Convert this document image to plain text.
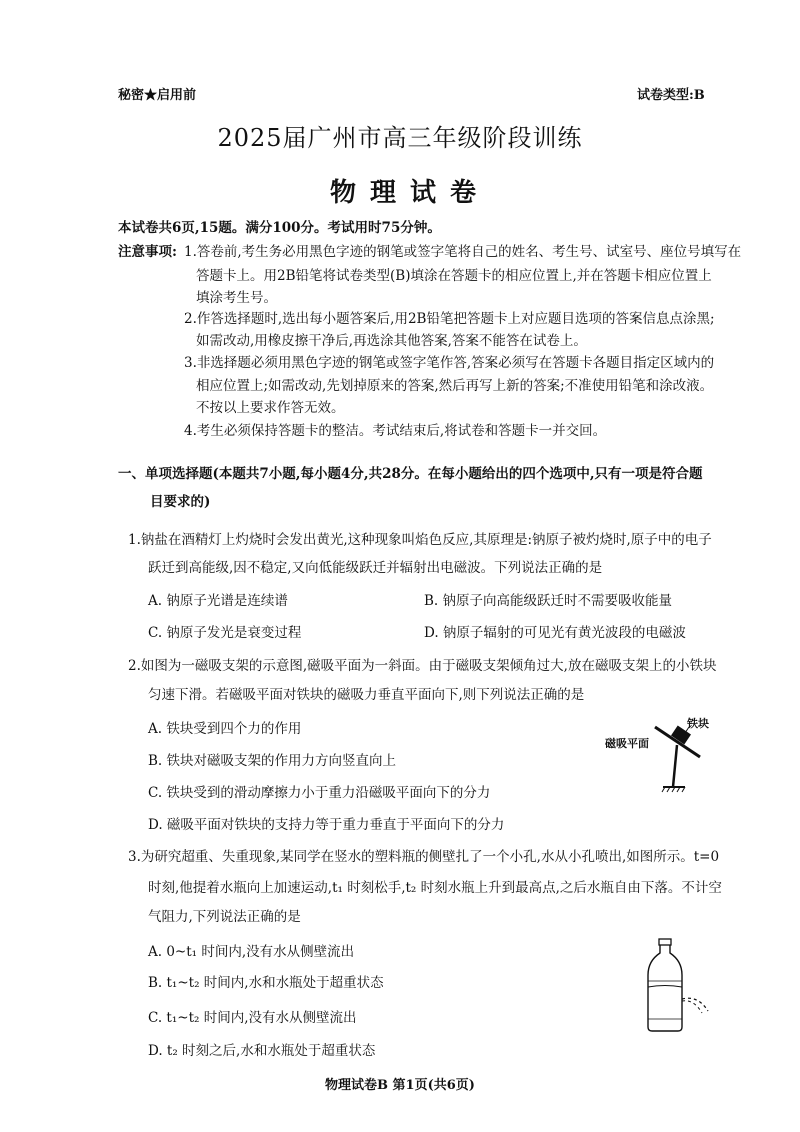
秘密★启用前	试卷类型:B
2025届广州市高三年级阶段训练
物理试卷
本试卷共6页,15题。满分100分。考试用时75分钟。
注意事项: 1.答卷前,考生务必用黑色字迹的钢笔或签字笔将自己的姓名、考生号、试室号、座位号填写在
答题卡上。用2B铅笔将试卷类型(B)填涂在答题卡的相应位置上,并在答题卡相应位置上
填涂考生号。
2.作答选择题时,选出每小题答案后,用2B铅笔把答题卡上对应题目选项的答案信息点涂黑;
如需改动,用橡皮擦干净后,再选涂其他答案,答案不能答在试卷上。
3.非选择题必须用黑色字迹的钢笔或签字笔作答,答案必须写在答题卡各题目指定区域内的
相应位置上;如需改动,先划掉原来的答案,然后再写上新的答案;不准使用铅笔和涂改液。
不按以上要求作答无效。
4.考生必须保持答题卡的整洁。考试结束后,将试卷和答题卡一并交回。
一、单项选择题(本题共7小题,每小题4分,共28分。在每小题给出的四个选项中,只有一项是符合题
目要求的)
1.钠盐在酒精灯上灼烧时会发出黄光,这种现象叫焰色反应,其原理是:钠原子被灼烧时,原子中的电子
跃迁到高能级,因不稳定,又向低能级跃迁并辐射出电磁波。下列说法正确的是
A. 钠原子光谱是连续谱	B. 钠原子向高能级跃迁时不需要吸收能量
C. 钠原子发光是衰变过程	D. 钠原子辐射的可见光有黄光波段的电磁波
2.如图为一磁吸支架的示意图,磁吸平面为一斜面。由于磁吸支架倾角过大,放在磁吸支架上的小铁块
匀速下滑。若磁吸平面对铁块的磁吸力垂直平面向下,则下列说法正确的是
A. 铁块受到四个力的作用
B. 铁块对磁吸支架的作用力方向竖直向上
C. 铁块受到的滑动摩擦力小于重力沿磁吸平面向下的分力
D. 磁吸平面对铁块的支持力等于重力垂直于平面向下的分力
铁块
磁吸平面
3.为研究超重、失重现象,某同学在竖水的塑料瓶的侧壁扎了一个小孔,水从小孔喷出,如图所示。t=0
时刻,他提着水瓶向上加速运动,t₁ 时刻松手,t₂ 时刻水瓶上升到最高点,之后水瓶自由下落。不计空
气阻力,下列说法正确的是
A. 0~t₁ 时间内,没有水从侧壁流出
B. t₁~t₂ 时间内,水和水瓶处于超重状态
C. t₁~t₂ 时间内,没有水从侧壁流出
D. t₂ 时刻之后,水和水瓶处于超重状态
物理试卷B 第1页(共6页)
